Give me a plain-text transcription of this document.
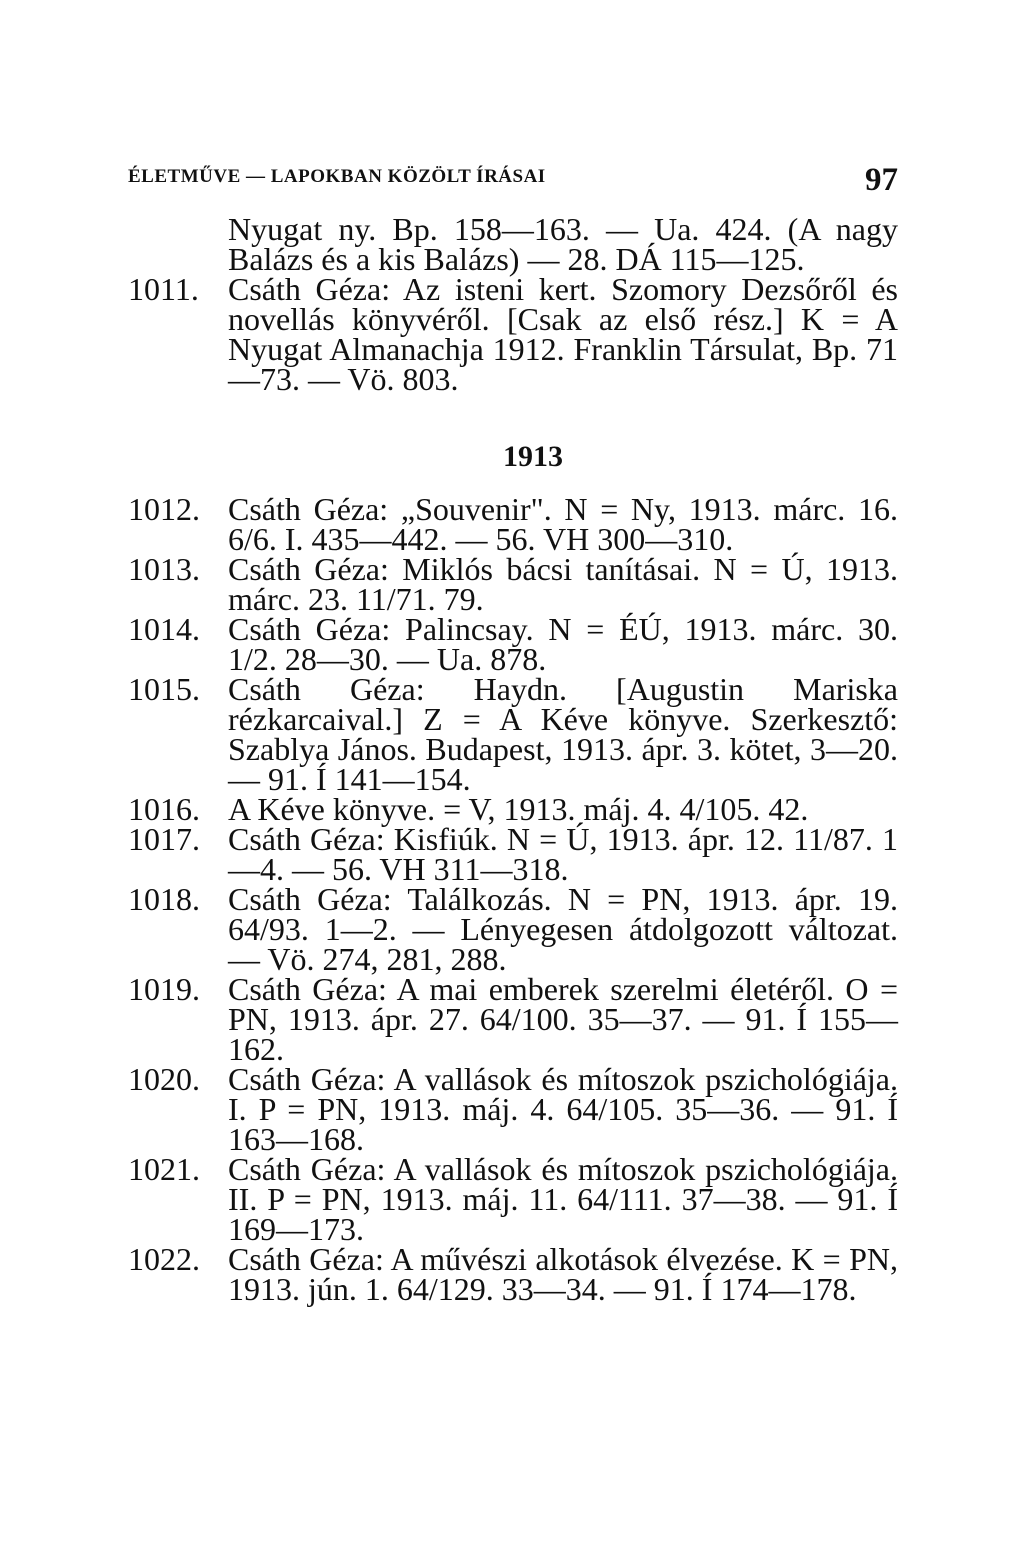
ÉLETMŰVE — LAPOKBAN KÖZÖLT ÍRÁSAI	97
Nyugat ny. Bp. 158—163. — Ua. 424. (A nagy Balázs és a kis Balázs) — 28. DÁ 115—125.
1011. Csáth Géza: Az isteni kert. Szomory Dezsőről és novellás könyvéről. [Csak az első rész.] K = A Nyugat Almanachja 1912. Franklin Társulat, Bp. 71—73. — Vö. 803.
1913
1012. Csáth Géza: „Souvenir". N = Ny, 1913. márc. 16. 6/6. I. 435—442. — 56. VH 300—310.
1013. Csáth Géza: Miklós bácsi tanításai. N = Ú, 1913. márc. 23. 11/71. 79.
1014. Csáth Géza: Palincsay. N = ÉÚ, 1913. márc. 30. 1/2. 28—30. — Ua. 878.
1015. Csáth Géza: Haydn. [Augustin Mariska rézkarcaival.] Z = A Kéve könyve. Szerkesztő: Szablya János. Budapest, 1913. ápr. 3. kötet, 3—20. — 91. Í 141—154.
1016. A Kéve könyve. = V, 1913. máj. 4. 4/105. 42.
1017. Csáth Géza: Kisfiúk. N = Ú, 1913. ápr. 12. 11/87. 1—4. — 56. VH 311—318.
1018. Csáth Géza: Találkozás. N = PN, 1913. ápr. 19. 64/93. 1—2. — Lényegesen átdolgozott változat. — Vö. 274, 281, 288.
1019. Csáth Géza: A mai emberek szerelmi életéről. O = PN, 1913. ápr. 27. 64/100. 35—37. — 91. Í 155—162.
1020. Csáth Géza: A vallások és mítoszok pszichológiája. I. P = PN, 1913. máj. 4. 64/105. 35—36. — 91. Í 163—168.
1021. Csáth Géza: A vallások és mítoszok pszichológiája. II. P = PN, 1913. máj. 11. 64/111. 37—38. — 91. Í 169—173.
1022. Csáth Géza: A művészi alkotások élvezése. K = PN, 1913. jún. 1. 64/129. 33—34. — 91. Í 174—178.
